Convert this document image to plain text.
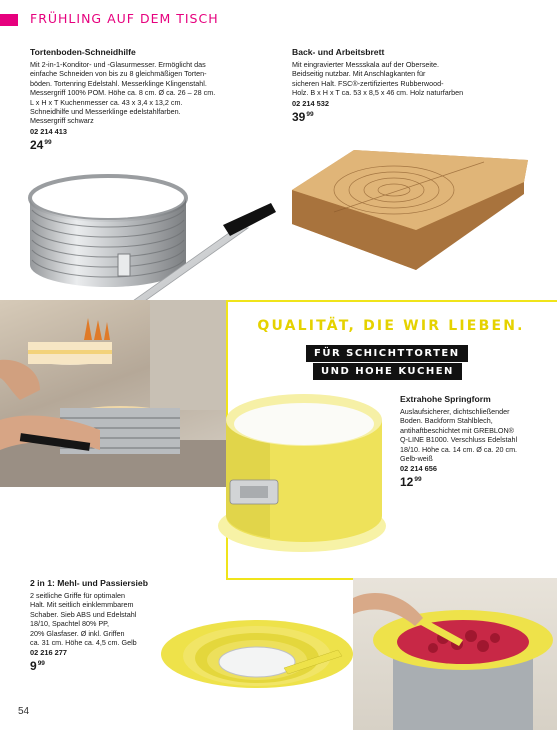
FRÜHLING AUF DEM TISCH
Tortenboden-Schneidhilfe
Mit 2-in-1-Konditor- und -Glasurmesser. Ermöglicht das
einfache Schneiden von bis zu 8 gleichmäßigen Torten-
böden. Tortenring Edelstahl. Messerklinge Klingenstahl.
Messergriff 100% POM. Höhe ca. 8 cm. Ø ca. 26 – 28 cm.
L x H x T Kuchenmesser ca. 43 x 3,4 x 13,2 cm.
Schneidhilfe und Messerklinge edelstahlfarben.
Messergriff schwarz
02 214 413
$24^{99}$
Back- und Arbeitsbrett
Mit eingravierter Messskala auf der Oberseite.
Beidseitig nutzbar. Mit Anschlagkanten für
sicheren Halt. FSC®-zertifiziertes Rubberwood-
Holz. B x H x T ca. 53 x 8,5 x 46 cm. Holz naturfarben
02 214 532
$39^{99}$
QUALITÄT, DIE WIR LIEBEN.
FÜR SCHICHTTORTEN
UND HOHE KUCHEN
Extrahohe Springform
Auslaufsicherer, dichtschließender
Boden. Backform Stahlblech,
antihaftbeschichtet mit GREBLON®
Q-LINE B1000. Verschluss Edelstahl
18/10. Höhe ca. 14 cm. Ø ca. 20 cm.
Gelb-weiß
02 214 656
$12^{99}$
2 in 1: Mehl- und Passiersieb
2 seitliche Griffe für optimalen
Halt. Mit seitlich einklemmbarem
Schaber. Sieb ABS und Edelstahl
18/10, Spachtel 80% PP,
20% Glasfaser. Ø inkl. Griffen
ca. 31 cm. Höhe ca. 4,5 cm. Gelb
02 216 277
$9^{99}$
54
